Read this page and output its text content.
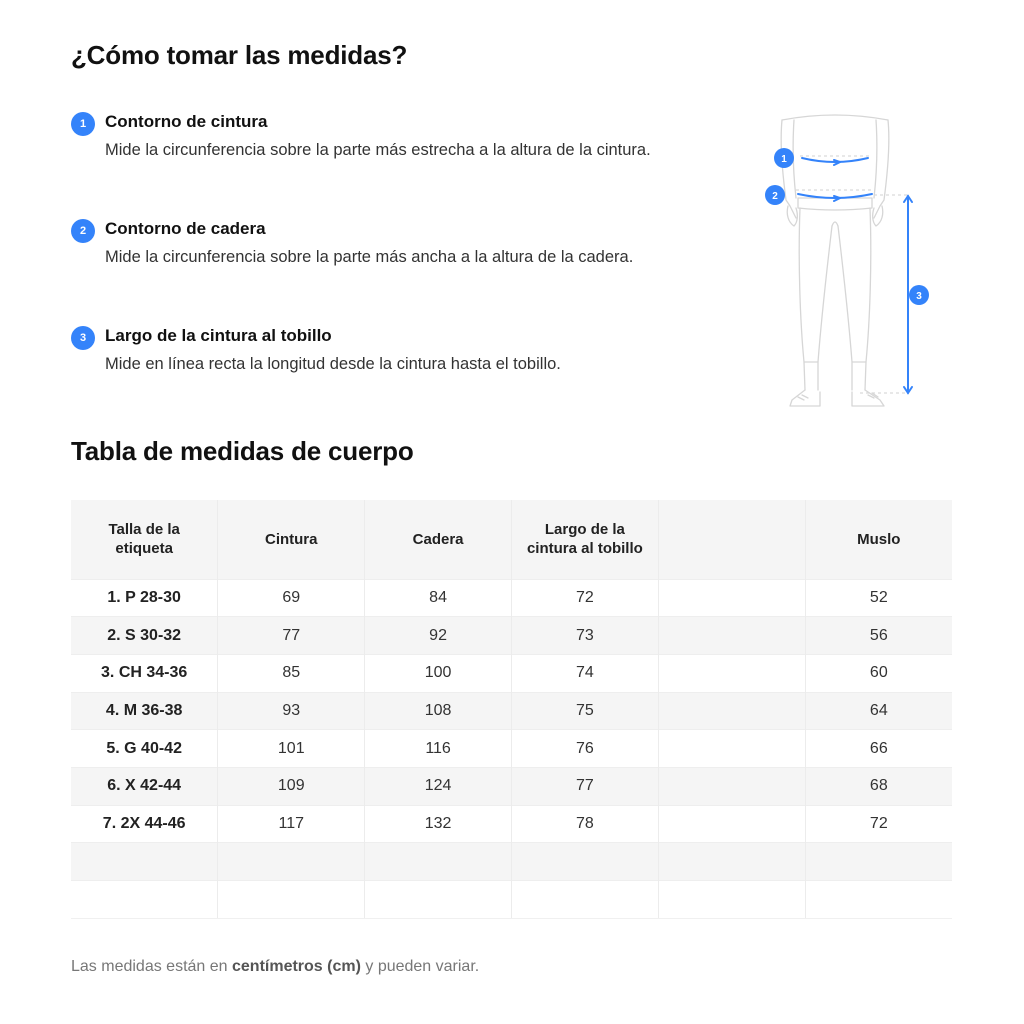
¿Cómo tomar las medidas?
1	Contorno de cintura

Mide la circunferencia sobre la parte más estrecha a la altura de la cintura.

2	Contorno de cadera

Mide la circunferencia sobre la parte más ancha a la altura de la cadera.

3	Largo de la cintura al tobillo

Mide en línea recta la longitud desde la cintura hasta el tobillo.

1
2
3
Tabla de medidas de cuerpo
Talla de la etiqueta	Cintura	Cadera	Largo de la cintura al tobillo		Muslo
1. P 28-30	69	84	72		52
2. S 30-32	77	92	73		56
3. CH 34-36	85	100	74		60
4. M 36-38	93	108	75		64
5. G 40-42	101	116	76		66
6. X 42-44	109	124	77		68
7. 2X 44-46	117	132	78		72

Las medidas están en centímetros (cm) y pueden variar.
